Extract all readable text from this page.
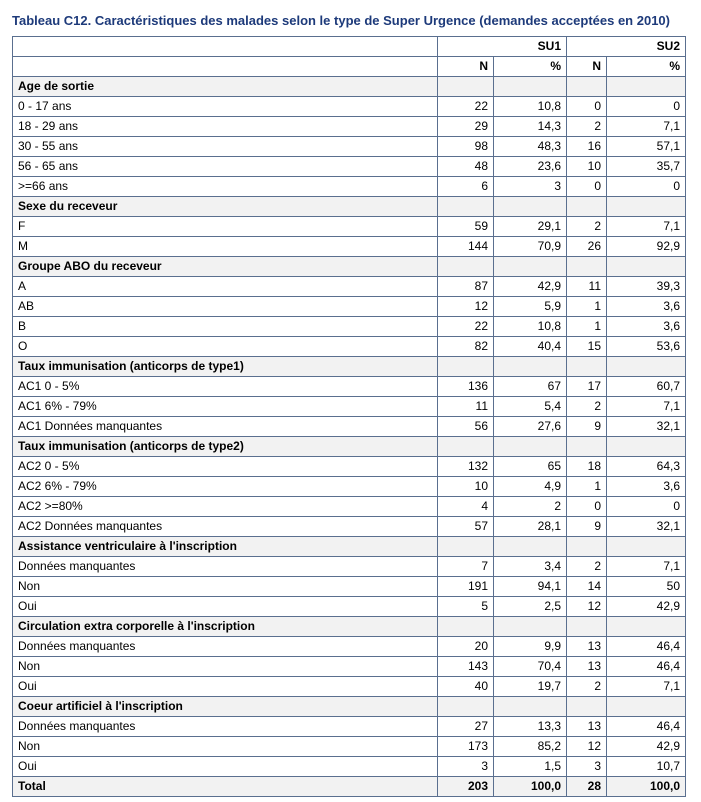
Tableau C12. Caractéristiques des malades selon le type de Super Urgence (demandes acceptées en 2010)
	SU1		SU2	
	N	%	N	%
Age de sortie				
0 - 17 ans	22	10,8	0	0
18 - 29 ans	29	14,3	2	7,1
30 - 55 ans	98	48,3	16	57,1
56 - 65 ans	48	23,6	10	35,7
>=66 ans	6	3	0	0
Sexe du receveur				
F	59	29,1	2	7,1
M	144	70,9	26	92,9
Groupe ABO du receveur				
A	87	42,9	11	39,3
AB	12	5,9	1	3,6
B	22	10,8	1	3,6
O	82	40,4	15	53,6
Taux immunisation (anticorps de type1)				
AC1 0 - 5%	136	67	17	60,7
AC1 6% - 79%	11	5,4	2	7,1
AC1 Données manquantes	56	27,6	9	32,1
Taux immunisation (anticorps de type2)				
AC2 0 - 5%	132	65	18	64,3
AC2 6% - 79%	10	4,9	1	3,6
AC2 >=80%	4	2	0	0
AC2 Données manquantes	57	28,1	9	32,1
Assistance ventriculaire à l'inscription				
Données manquantes	7	3,4	2	7,1
Non	191	94,1	14	50
Oui	5	2,5	12	42,9
Circulation extra corporelle à l'inscription				
Données manquantes	20	9,9	13	46,4
Non	143	70,4	13	46,4
Oui	40	19,7	2	7,1
Coeur artificiel à l'inscription				
Données manquantes	27	13,3	13	46,4
Non	173	85,2	12	42,9
Oui	3	1,5	3	10,7
Total	203	100,0	28	100,0
